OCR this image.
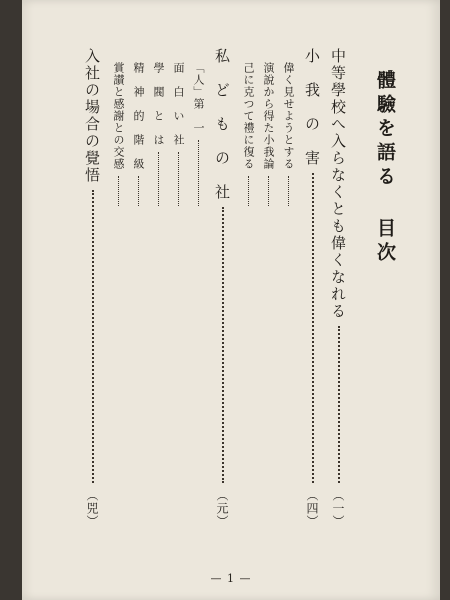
體驗を語る目次
中等學校へ入らなくとも偉くなれる
（一）
小　我　の　害
（四）
偉く見せようとする
演說から得た小我論
己に克つて禮に復る
私　ど　も　の　社
（元）
「人」第　一
面　白　い　社
學　閥　と　は
精　神　的　階　級
賞讃と感謝との交感
入社の場合の覺悟
（兕）
— 1 —
